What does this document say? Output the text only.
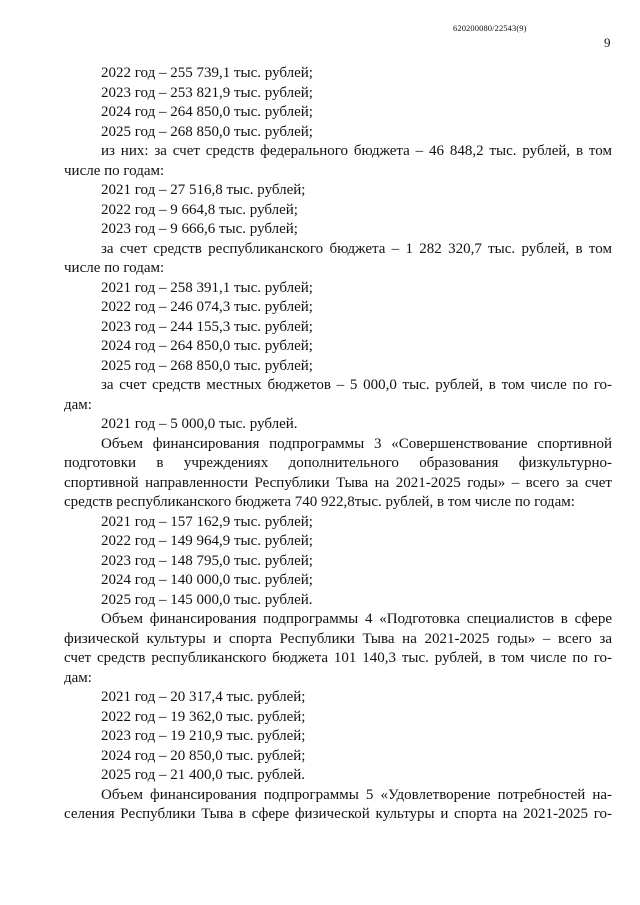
620200080/22543(9)
9
2022 год – 255 739,1 тыс. рублей;
2023 год – 253 821,9 тыс. рублей;
2024 год – 264 850,0 тыс. рублей;
2025 год – 268 850,0 тыс. рублей;
из них: за счет средств федерального бюджета – 46 848,2 тыс. рублей, в том
числе по годам:
2021 год – 27 516,8 тыс. рублей;
2022 год – 9 664,8 тыс. рублей;
2023 год – 9 666,6 тыс. рублей;
за счет средств республиканского бюджета – 1 282 320,7 тыс. рублей, в том
числе по годам:
2021 год – 258 391,1 тыс. рублей;
2022 год – 246 074,3 тыс. рублей;
2023 год – 244 155,3 тыс. рублей;
2024 год – 264 850,0 тыс. рублей;
2025 год – 268 850,0 тыс. рублей;
за счет средств местных бюджетов – 5 000,0 тыс. рублей, в том числе по го-
дам:
2021 год – 5 000,0 тыс. рублей.
Объем финансирования подпрограммы 3 «Совершенствование спортивной
подготовки в учреждениях дополнительного образования физкультурно-
спортивной направленности Республики Тыва на 2021-2025 годы» – всего за счет
средств республиканского бюджета 740 922,8тыс. рублей, в том числе по годам:
2021 год – 157 162,9 тыс. рублей;
2022 год – 149 964,9 тыс. рублей;
2023 год – 148 795,0 тыс. рублей;
2024 год – 140 000,0 тыс. рублей;
2025 год – 145 000,0 тыс. рублей.
Объем финансирования подпрограммы 4 «Подготовка специалистов в сфере
физической культуры и спорта Республики Тыва на 2021-2025 годы» – всего за
счет средств республиканского бюджета 101 140,3 тыс. рублей, в том числе по го-
дам:
2021 год – 20 317,4 тыс. рублей;
2022 год – 19 362,0 тыс. рублей;
2023 год – 19 210,9 тыс. рублей;
2024 год – 20 850,0 тыс. рублей;
2025 год – 21 400,0 тыс. рублей.
Объем финансирования подпрограммы 5 «Удовлетворение потребностей на-
селения Республики Тыва в сфере физической культуры и спорта на 2021-2025 го-
